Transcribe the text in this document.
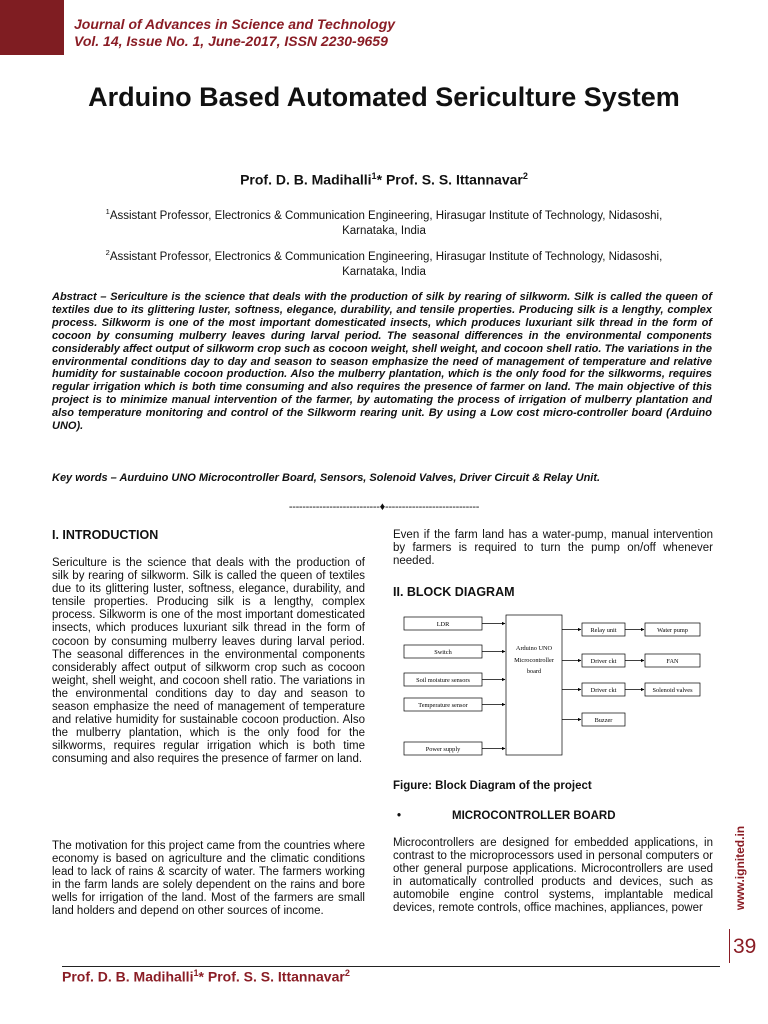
Journal of Advances in Science and Technology
Vol. 14, Issue No. 1, June-2017, ISSN 2230-9659
Arduino Based Automated Sericulture System
Prof. D. B. Madihalli$^1$* Prof. S. S. Ittannavar$^2$
$^1$Assistant Professor, Electronics & Communication Engineering, Hirasugar Institute of Technology, Nidasoshi,
Karnataka, India
$^2$Assistant Professor, Electronics & Communication Engineering, Hirasugar Institute of Technology, Nidasoshi,
Karnataka, India
Abstract – Sericulture is the science that deals with the production of silk by rearing of silkworm. Silk is called the queen of textiles due to its glittering luster, softness, elegance, durability, and tensile properties. Producing silk is a lengthy, complex process. Silkworm is one of the most important domesticated insects, which produces luxuriant silk thread in the form of cocoon by consuming mulberry leaves during larval period. The seasonal differences in the environmental components considerably affect output of silkworm crop such as cocoon weight, shell weight, and cocoon shell ratio. The variations in the environmental conditions day to day and season to season emphasize the need of management of temperature and relative humidity for sustainable cocoon production. Also the mulberry plantation, which is the only food for the silkworms, requires regular irrigation which is both time consuming and also requires the presence of farmer on land. The main objective of this project is to minimize manual intervention of the farmer, by automating the process of irrigation of mulberry plantation and also temperature monitoring and control of the Silkworm rearing unit. By using a Low cost micro-controller board (Arduino UNO).
Key words – Aurduino UNO Microcontroller Board, Sensors, Solenoid Valves, Driver Circuit & Relay Unit.
---------------------------♦----------------------------
I. INTRODUCTION
Sericulture is the science that deals with the production of silk by rearing of silkworm. Silk is called the queen of textiles due to its glittering luster, softness, elegance, durability, and tensile properties. Producing silk is a lengthy, complex process. Silkworm is one of the most important domesticated insects, which produces luxuriant silk thread in the form of cocoon by consuming mulberry leaves during larval period. The seasonal differences in the environmental components considerably affect output of silkworm crop such as cocoon weight, shell weight, and cocoon shell ratio. The variations in the environmental conditions day to day and season to season emphasize the need of management of temperature and relative humidity for sustainable cocoon production. Also the mulberry plantation, which is the only food for the silkworms, requires regular irrigation which is both time consuming and also requires the presence of farmer on land.
The motivation for this project came from the countries where economy is based on agriculture and the climatic conditions lead to lack of rains & scarcity of water. The farmers working in the farm lands are solely dependent on the rains and bore wells for irrigation of the land. Most of the farmers are small land holders and depend on other sources of income.
Even if the farm land has a water-pump, manual intervention by farmers is required to turn the pump on/off whenever needed.
II. BLOCK DIAGRAM
LDR
Switch
Soil moisture sensors
Temperature sensor
Power supply
Arduino UNO
Microcontroller
board
Relay unit
Driver ckt
Driver ckt
Buzzer
Water pump
FAN
Solenoid valves
Figure: Block Diagram of the project
•	MICROCONTROLLER BOARD
Microcontrollers are designed for embedded applications, in contrast to the microprocessors used in personal computers or other general purpose applications. Microcontrollers are used in automatically controlled products and devices, such as automobile engine control systems, implantable medical devices, remote controls, office machines, appliances, power	www.ignited.in
39
Prof. D. B. Madihalli$^1$* Prof. S. S. Ittannavar$^2$
